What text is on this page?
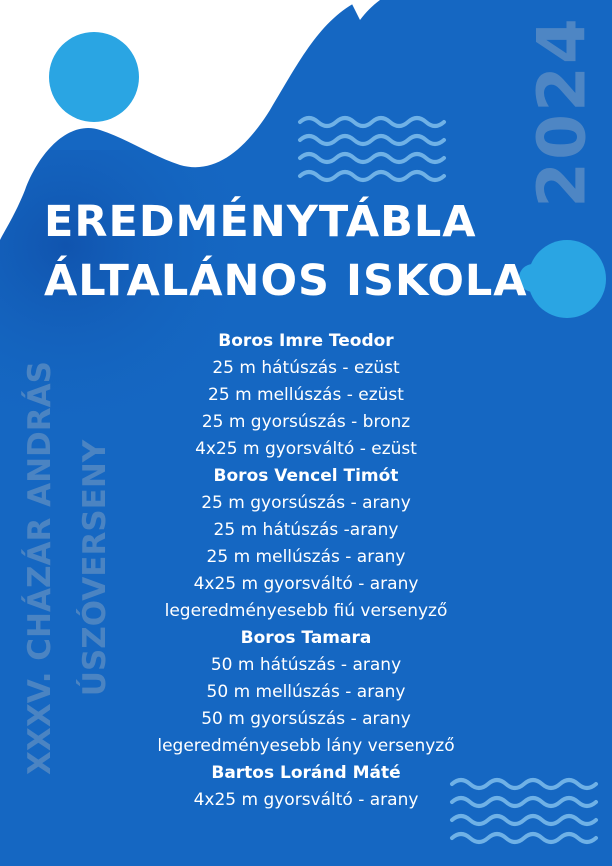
2024
XXXV. CHÁZÁR ANDRÁS ÚSZÓVERSENY
EREDMÉNYTÁBLA
ÁLTALÁNOS ISKOLA
Boros Imre Teodor
25 m hátúszás - ezüst
25 m mellúszás - ezüst
25 m gyorsúszás - bronz
4x25 m gyorsváltó - ezüst
Boros Vencel Timót
25 m gyorsúszás - arany
25 m hátúszás -arany
25 m mellúszás - arany
4x25 m gyorsváltó - arany
legeredményesebb fiú versenyző
Boros Tamara
50 m hátúszás - arany
50 m mellúszás - arany
50 m gyorsúszás - arany
legeredményesebb lány versenyző
Bartos Loránd Máté
4x25 m gyorsváltó - arany
